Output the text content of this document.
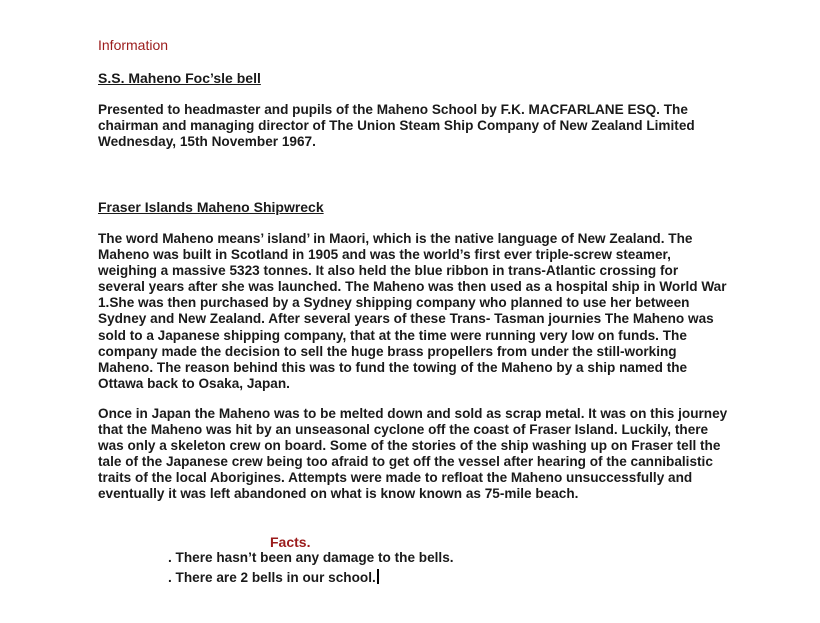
Information
S.S. Maheno Foc’sle bell

Presented to headmaster and pupils of the Maheno School by F.K. MACFARLANE ESQ. The chairman and managing director of The Union Steam Ship Company of New Zealand Limited Wednesday, 15th November 1967.

Fraser Islands Maheno Shipwreck

The word Maheno means’ island’ in Maori, which is the native language of New Zealand. The Maheno was built in Scotland in 1905 and was the world’s first ever triple-screw steamer, weighing a massive 5323 tonnes. It also held the blue ribbon in trans-Atlantic crossing for several years after she was launched. The Maheno was then used as a hospital ship in World War 1.She was then purchased by a Sydney shipping company who planned to use her between Sydney and New Zealand. After several years of these Trans- Tasman journies The Maheno was sold to a Japanese shipping company, that at the time were running very low on funds. The company made the decision to sell the huge brass propellers from under the still-working Maheno. The reason behind this was to fund the towing of the Maheno by a ship named the Ottawa back to Osaka, Japan.

Once in Japan the Maheno was to be melted down and sold as scrap metal. It was on this journey that the Maheno was hit by an unseasonal cyclone off the coast of Fraser Island. Luckily, there was only a skeleton crew on board. Some of the stories of the ship washing up on Fraser tell the tale of the Japanese crew being too afraid to get off the vessel after hearing of the cannibalistic traits of the local Aborigines. Attempts were made to refloat the Maheno unsuccessfully and eventually it was left abandoned on what is know known as 75-mile beach.

Facts.

. There hasn’t been any damage to the bells.

. There are 2 bells in our school.
